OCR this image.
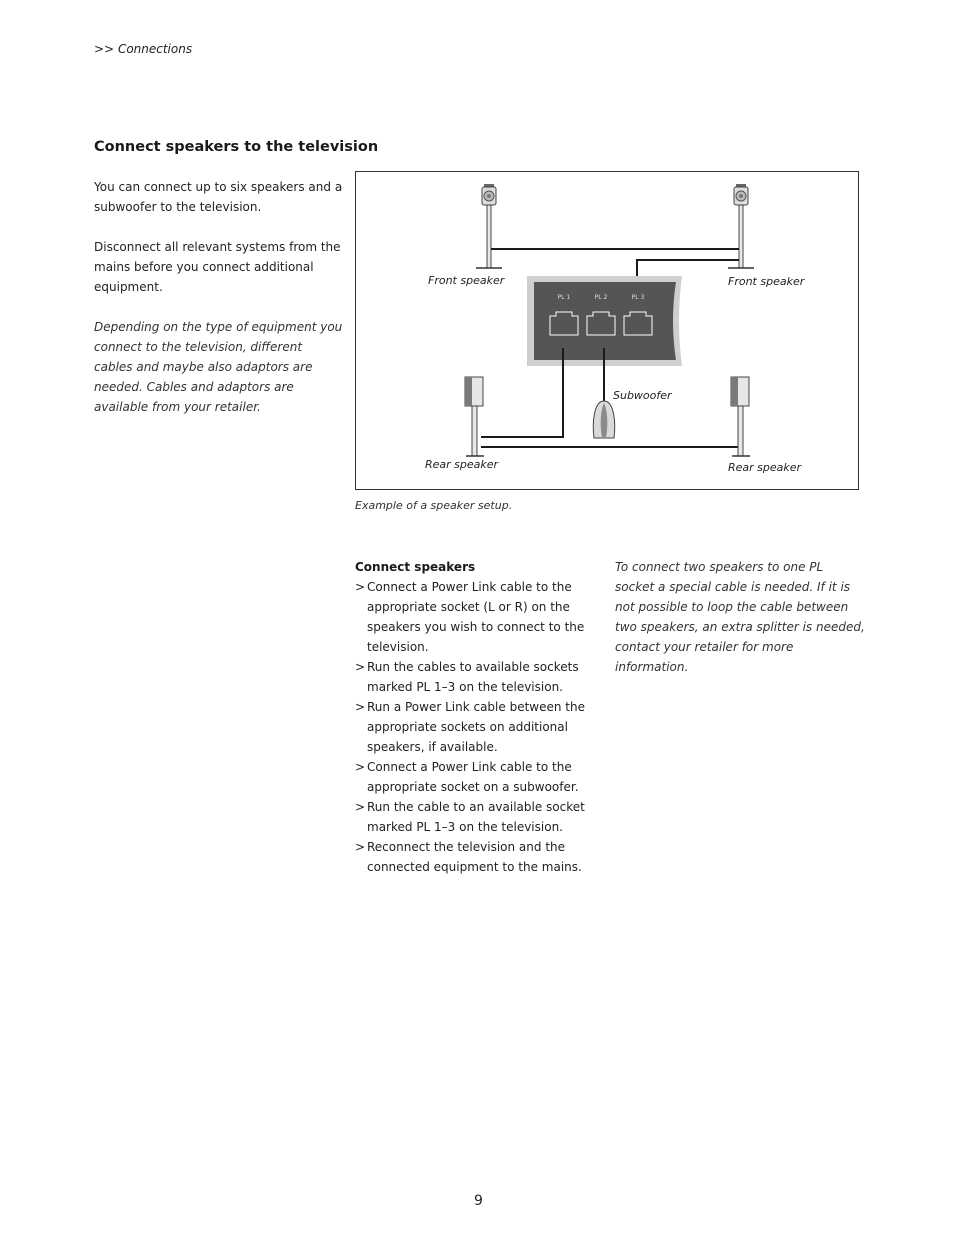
>> Connections
Connect speakers to the television

You can connect up to six speakers and a subwoofer to the television.

Disconnect all relevant systems from the mains before you connect additional equipment.

Depending on the type of equipment you connect to the television, different cables and maybe also adaptors are needed. Cables and adaptors are available from your retailer.

PL 1	PL 2	PL 3
Front speaker	Front speaker
Subwoofer
Rear speaker	Rear speaker
Example of a speaker setup.
Connect speakers
> Connect a Power Link cable to the appropriate socket (L or R) on the speakers you wish to connect to the television.
> Run the cables to available sockets marked PL 1–3 on the television.
> Run a Power Link cable between the appropriate sockets on additional speakers, if available.
> Connect a Power Link cable to the appropriate socket on a subwoofer.
> Run the cable to an available socket marked PL 1–3 on the television.
> Reconnect the television and the connected equipment to the mains.

To connect two speakers to one PL socket a special cable is needed. If it is not possible to loop the cable between two speakers, an extra splitter is needed, contact your retailer for more information.

9
